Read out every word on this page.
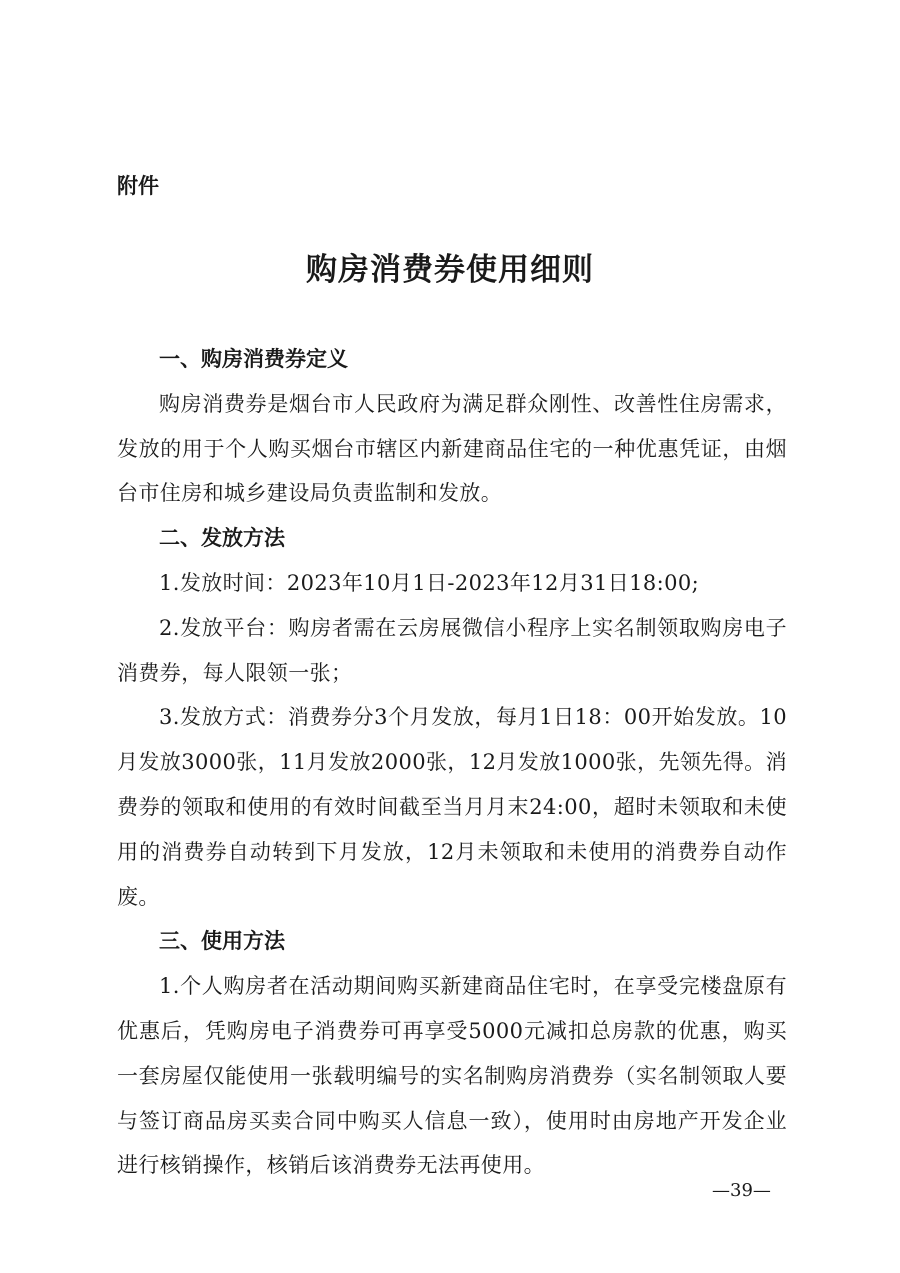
附件
购房消费券使用细则
一、购房消费券定义

购房消费券是烟台市人民政府为满足群众刚性、改善性住房需求，发放的用于个人购买烟台市辖区内新建商品住宅的一种优惠凭证，由烟台市住房和城乡建设局负责监制和发放。

二、发放方法

1.发放时间：2023年10月1日-2023年12月31日18:00;

2.发放平台：购房者需在云房展微信小程序上实名制领取购房电子消费券，每人限领一张；

3.发放方式：消费券分3个月发放，每月1日18：00开始发放。10月发放3000张，11月发放2000张，12月发放1000张，先领先得。消费券的领取和使用的有效时间截至当月月末24:00，超时未领取和未使用的消费券自动转到下月发放，12月未领取和未使用的消费券自动作废。

三、使用方法

1.个人购房者在活动期间购买新建商品住宅时，在享受完楼盘原有优惠后，凭购房电子消费券可再享受5000元减扣总房款的优惠，购买一套房屋仅能使用一张载明编号的实名制购房消费券（实名制领取人要与签订商品房买卖合同中购买人信息一致），使用时由房地产开发企业进行核销操作，核销后该消费券无法再使用。

—39—
